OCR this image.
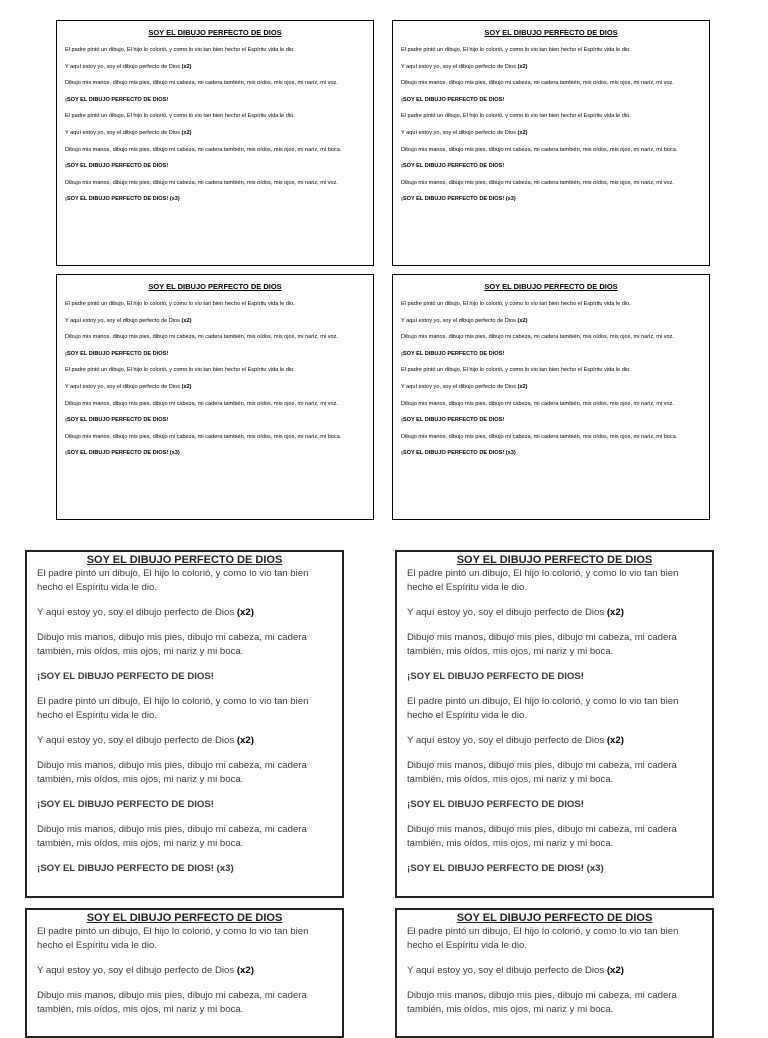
SOY EL DIBUJO PERFECTO DE DIOS

El padre pintó un dibujo, El hijo lo colorió, y como lo vio tan bien hecho el Espíritu vida le dio.

Y aquí estoy yo, soy el dibujo perfecto de Dios (x2)

Dibujo mis manos, dibujo mis pies, dibujo mi cabeza, mi cadera también, mis oídos, mis ojos, mi nariz, mi voz.

¡SOY EL DIBUJO PERFECTO DE DIOS!

El padre pintó un dibujo, El hijo lo colorió, y como lo vio tan bien hecho el Espíritu vida le dio.

Y aquí estoy yo, soy el dibujo perfecto de Dios (x2)

Dibujo mis manos, dibujo mis pies, dibujo mi cabeza, mi cadera también, mis oídos, mis ojos, mi nariz, mi boca.

¡SOY EL DIBUJO PERFECTO DE DIOS!

Dibujo mis manos, dibujo mis pies, dibujo mi cabeza, mi cadera también, mis oídos, mis ojos, mi nariz, mi voz.

¡SOY EL DIBUJO PERFECTO DE DIOS! (x3)

SOY EL DIBUJO PERFECTO DE DIOS

El padre pintó un dibujo, El hijo lo colorió, y como lo vio tan bien hecho el Espíritu vida le dio.

Y aquí estoy yo, soy el dibujo perfecto de Dios (x2)

Dibujo mis manos, dibujo mis pies, dibujo mi cabeza, mi cadera también, mis oídos, mis ojos, mi nariz, mi voz.

¡SOY EL DIBUJO PERFECTO DE DIOS!

El padre pintó un dibujo, El hijo lo colorió, y como lo vio tan bien hecho el Espíritu vida le dio.

Y aquí estoy yo, soy el dibujo perfecto de Dios (x2)

Dibujo mis manos, dibujo mis pies, dibujo mi cabeza, mi cadera también, mis oídos, mis ojos, mi nariz, mi boca.

¡SOY EL DIBUJO PERFECTO DE DIOS!

Dibujo mis manos, dibujo mis pies, dibujo mi cabeza, mi cadera también, mis oídos, mis ojos, mi nariz, mi voz.

¡SOY EL DIBUJO PERFECTO DE DIOS! (x3)

SOY EL DIBUJO PERFECTO DE DIOS

El padre pintó un dibujo, El hijo lo colorió, y como lo vio tan bien hecho el Espíritu vida le dio.

Y aquí estoy yo, soy el dibujo perfecto de Dios (x2)

Dibujo mis manos, dibujo mis pies, dibujo mi cabeza, mi cadera también, mis oídos, mis ojos, mi nariz, mi voz.

¡SOY EL DIBUJO PERFECTO DE DIOS!

El padre pintó un dibujo, El hijo lo colorió, y como lo vio tan bien hecho el Espíritu vida le dio.

Y aquí estoy yo, soy el dibujo perfecto de Dios (x2)

Dibujo mis manos, dibujo mis pies, dibujo mi cabeza, mi cadera también, mis oídos, mis ojos, mi nariz, mi voz.

¡SOY EL DIBUJO PERFECTO DE DIOS!

Dibujo mis manos, dibujo mis pies, dibujo mi cabeza, mi cadera también, mis oídos, mis ojos, mi nariz, mi boca.

¡SOY EL DIBUJO PERFECTO DE DIOS! (x3)

SOY EL DIBUJO PERFECTO DE DIOS

El padre pintó un dibujo, El hijo lo colorió, y como lo vio tan bien hecho el Espíritu vida le dio.

Y aquí estoy yo, soy el dibujo perfecto de Dios (x2)

Dibujo mis manos, dibujo mis pies, dibujo mi cabeza, mi cadera también, mis oídos, mis ojos, mi nariz, mi voz.

¡SOY EL DIBUJO PERFECTO DE DIOS!

El padre pintó un dibujo, El hijo lo colorió, y como lo vio tan bien hecho el Espíritu vida le dio.

Y aquí estoy yo, soy el dibujo perfecto de Dios (x2)

Dibujo mis manos, dibujo mis pies, dibujo mi cabeza, mi cadera también, mis oídos, mis ojos, mi nariz, mi voz.

¡SOY EL DIBUJO PERFECTO DE DIOS!

Dibujo mis manos, dibujo mis pies, dibujo mi cabeza, mi cadera también, mis oídos, mis ojos, mi nariz, mi boca.

¡SOY EL DIBUJO PERFECTO DE DIOS! (x3)

SOY EL DIBUJO PERFECTO DE DIOS

El padre pintó un dibujo, El hijo lo colorió, y como lo vio tan bien hecho el Espíritu vida le dio.

Y aquí estoy yo, soy el dibujo perfecto de Dios (x2)

Dibujo mis manos, dibujo mis pies, dibujo mi cabeza, mi cadera también, mis oídos, mis ojos, mi nariz y mi boca.

¡SOY EL DIBUJO PERFECTO DE DIOS!

El padre pintó un dibujo, El hijo lo colorió, y como lo vio tan bien hecho el Espíritu vida le dio.

Y aquí estoy yo, soy el dibujo perfecto de Dios (x2)

Dibujo mis manos, dibujo mis pies, dibujo mi cabeza, mi cadera también, mis oídos, mis ojos, mi nariz y mi boca.

¡SOY EL DIBUJO PERFECTO DE DIOS!

Dibujo mis manos, dibujo mis pies, dibujo mi cabeza, mi cadera también, mis oídos, mis ojos, mi nariz y mi boca.

¡SOY EL DIBUJO PERFECTO DE DIOS! (x3)

SOY EL DIBUJO PERFECTO DE DIOS

El padre pintó un dibujo, El hijo lo colorió, y como lo vio tan bien hecho el Espíritu vida le dio.

Y aquí estoy yo, soy el dibujo perfecto de Dios (x2)

Dibujo mis manos, dibujo mis pies, dibujo mi cabeza, mi cadera también, mis oídos, mis ojos, mi nariz y mi boca.

¡SOY EL DIBUJO PERFECTO DE DIOS!

El padre pintó un dibujo, El hijo lo colorió, y como lo vio tan bien hecho el Espíritu vida le dio.

Y aquí estoy yo, soy el dibujo perfecto de Dios (x2)

Dibujo mis manos, dibujo mis pies, dibujo mi cabeza, mi cadera también, mis oídos, mis ojos, mi nariz y mi boca.

¡SOY EL DIBUJO PERFECTO DE DIOS!

Dibujo mis manos, dibujo mis pies, dibujo mi cabeza, mi cadera también, mis oídos, mis ojos, mi nariz y mi boca.

¡SOY EL DIBUJO PERFECTO DE DIOS! (x3)

SOY EL DIBUJO PERFECTO DE DIOS

El padre pintó un dibujo, El hijo lo colorió, y como lo vio tan bien hecho el Espíritu vida le dio.

Y aquí estoy yo, soy el dibujo perfecto de Dios (x2)

Dibujo mis manos, dibujo mis pies, dibujo mi cabeza, mi cadera también, mis oídos, mis ojos, mi nariz y mi boca.

SOY EL DIBUJO PERFECTO DE DIOS

El padre pintó un dibujo, El hijo lo colorió, y como lo vio tan bien hecho el Espíritu vida le dio.

Y aquí estoy yo, soy el dibujo perfecto de Dios (x2)

Dibujo mis manos, dibujo mis pies, dibujo mi cabeza, mi cadera también, mis oídos, mis ojos, mi nariz y mi boca.
